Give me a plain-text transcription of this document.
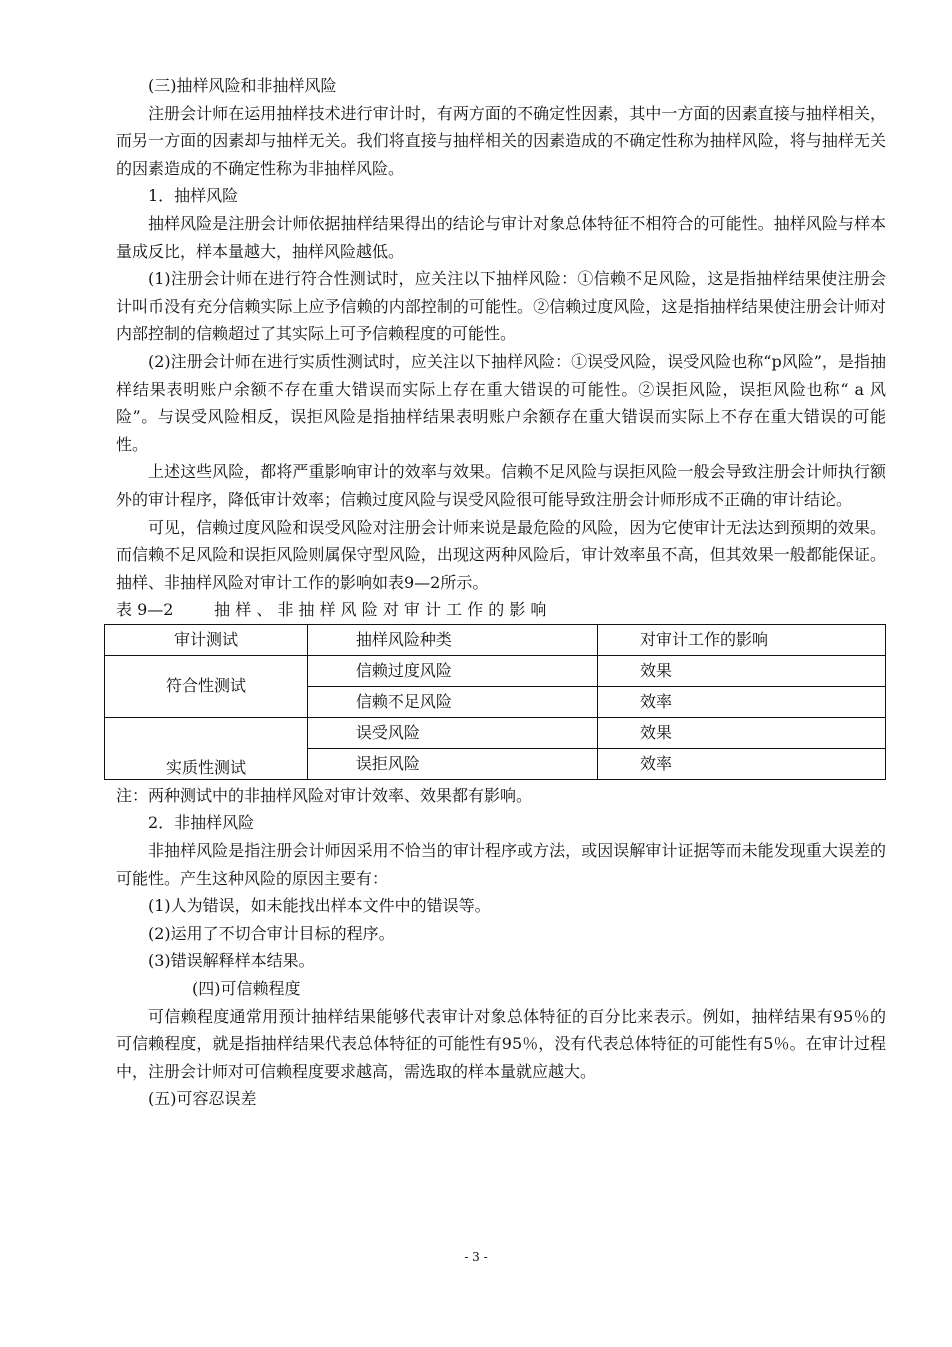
(三)抽样风险和非抽样风险

注册会计师在运用抽样技术进行审计时，有两方面的不确定性因素，其中一方面的因素直接与抽样相关，而另一方面的因素却与抽样无关。我们将直接与抽样相关的因素造成的不确定性称为抽样风险，将与抽样无关的因素造成的不确定性称为非抽样风险。

1．抽样风险

抽样风险是注册会计师依据抽样结果得出的结论与审计对象总体特征不相符合的可能性。抽样风险与样本量成反比，样本量越大，抽样风险越低。

(1)注册会计师在进行符合性测试时，应关注以下抽样风险：①信赖不足风险，这是指抽样结果使注册会计叫币没有充分信赖实际上应予信赖的内部控制的可能性。②信赖过度风险，这是指抽样结果使注册会计师对内部控制的信赖超过了其实际上可予信赖程度的可能性。

(2)注册会计师在进行实质性测试时，应关注以下抽样风险：①误受风险，误受风险也称“p风险”，是指抽样结果表明账户余额不存在重大错误而实际上存在重大错误的可能性。②误拒风险，误拒风险也称“ a 风险”。与误受风险相反，误拒风险是指抽样结果表明账户余额存在重大错误而实际上不存在重大错误的可能性。

上述这些风险，都将严重影响审计的效率与效果。信赖不足风险与误拒风险一般会导致注册会计师执行额外的审计程序，降低审计效率；信赖过度风险与误受风险很可能导致注册会计师形成不正确的审计结论。

可见，信赖过度风险和误受风险对注册会计师来说是最危险的风险，因为它使审计无法达到预期的效果。而信赖不足风险和误拒风险则属保守型风险，出现这两种风险后，审计效率虽不高，但其效果一般都能保证。抽样、非抽样风险对审计工作的影响如表9—2所示。

表 9—2	抽 样 、 非 抽 样 风 险 对 审 计 工 作 的 影 响

审计测试	抽样风险种类	对审计工作的影响
符合性测试	信赖过度风险	效果
	信赖不足风险	效率
实质性测试	误受风险	效果
	误拒风险	效率

注：两种测试中的非抽样风险对审计效率、效果都有影响。

2．非抽样风险

非抽样风险是指注册会计师因采用不恰当的审计程序或方法，或因误解审计证据等而未能发现重大误差的可能性。产生这种风险的原因主要有：

(1)人为错误，如未能找出样本文件中的错误等。

(2)运用了不切合审计目标的程序。

(3)错误解释样本结果。

(四)可信赖程度

可信赖程度通常用预计抽样结果能够代表审计对象总体特征的百分比来表示。例如，抽样结果有95％的可信赖程度，就是指抽样结果代表总体特征的可能性有95％，没有代表总体特征的可能性有5％。在审计过程中，注册会计师对可信赖程度要求越高，需选取的样本量就应越大。

(五)可容忍误差

- 3 -
